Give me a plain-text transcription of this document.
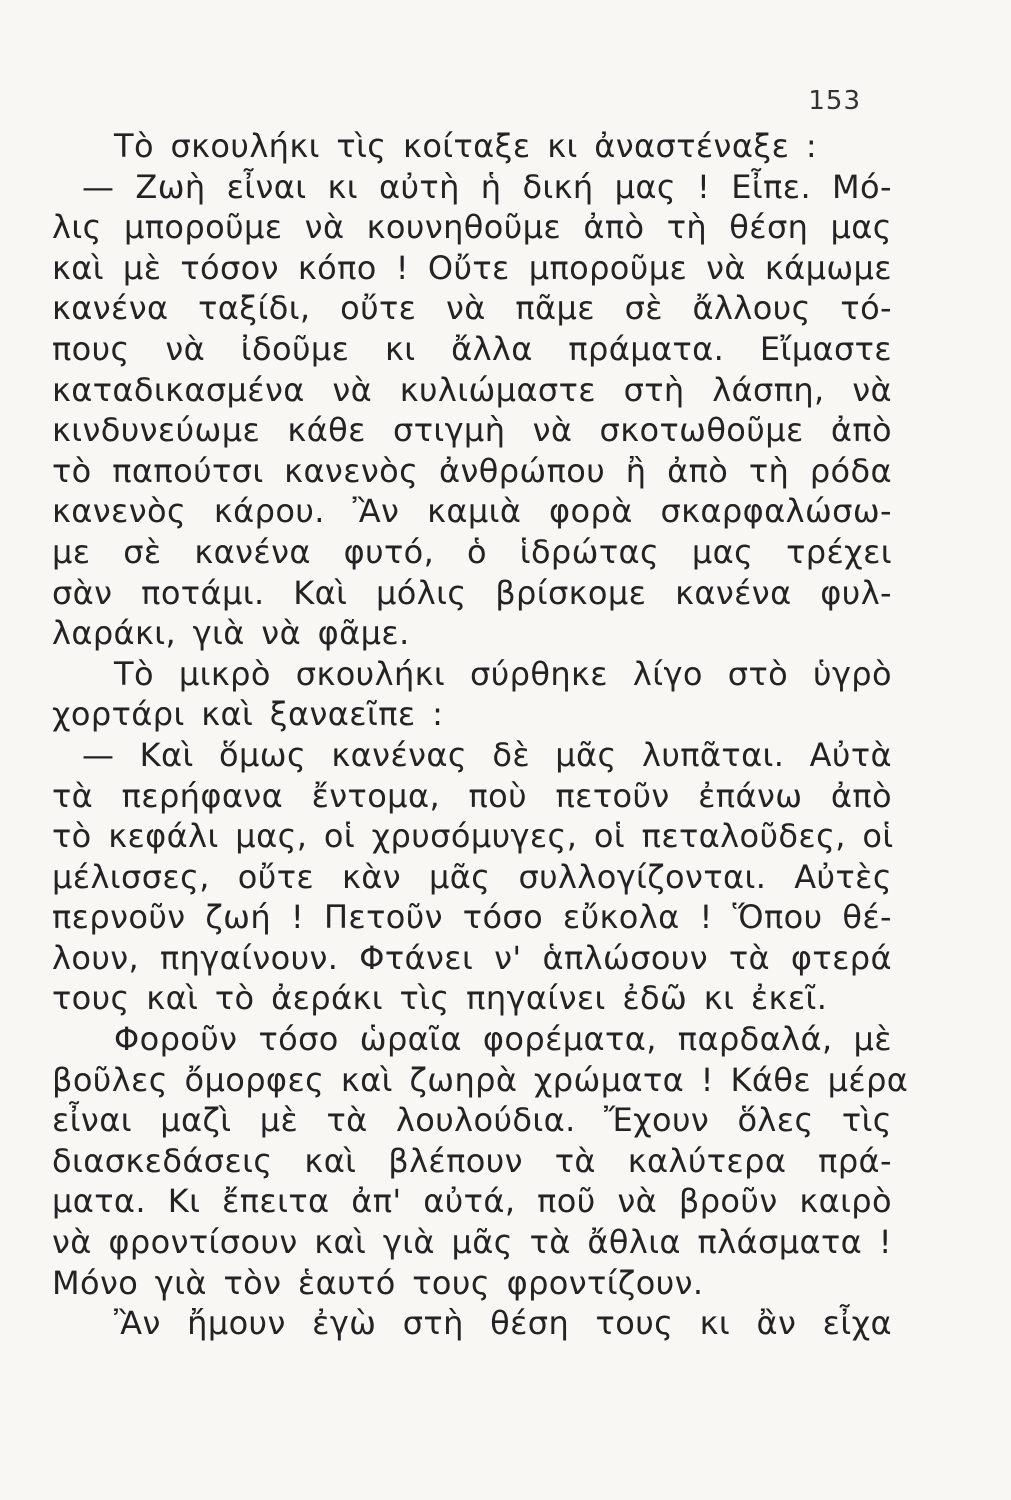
153
Τὸ σκουλήκι τὶς κοίταξε κι ἀναστέναξε :
— Ζωὴ εἶναι κι αὐτὴ ἡ δική μας ! Εἶπε. Μό-
λις μποροῦμε νὰ κουνηθοῦμε ἀπὸ τὴ θέση μας
καὶ μὲ τόσον κόπο ! Οὔτε μποροῦμε νὰ κάμωμε
κανένα ταξίδι, οὔτε νὰ πᾶμε σὲ ἄλλους τό-
πους νὰ ἰδοῦμε κι ἄλλα πράματα. Εἴμαστε
καταδικασμένα νὰ κυλιώμαστε στὴ λάσπη, νὰ
κινδυνεύωμε κάθε στιγμὴ νὰ σκοτωθοῦμε ἀπὸ
τὸ παπούτσι κανενὸς ἀνθρώπου ἢ ἀπὸ τὴ ρόδα
κανενὸς κάρου. Ἂν καμιὰ φορὰ σκαρφαλώσω-
με σὲ κανένα φυτό, ὁ ἱδρώτας μας τρέχει
σὰν ποτάμι. Καὶ μόλις βρίσκομε κανένα φυλ-
λαράκι, γιὰ νὰ φᾶμε.
Τὸ μικρὸ σκουλήκι σύρθηκε λίγο στὸ ὑγρὸ
χορτάρι καὶ ξαναεῖπε :
— Καὶ ὅμως κανένας δὲ μᾶς λυπᾶται. Αὐτὰ
τὰ περήφανα ἔντομα, ποὺ πετοῦν ἐπάνω ἀπὸ
τὸ κεφάλι μας, οἱ χρυσόμυγες, οἱ πεταλοῦδες, οἱ
μέλισσες, οὔτε κὰν μᾶς συλλογίζονται. Αὐτὲς
περνοῦν ζωή ! Πετοῦν τόσο εὔκολα ! Ὅπου θέ-
λουν, πηγαίνουν. Φτάνει ν' ἁπλώσουν τὰ φτερά
τους καὶ τὸ ἀεράκι τὶς πηγαίνει ἐδῶ κι ἐκεῖ.
Φοροῦν τόσο ὡραῖα φορέματα, παρδαλά, μὲ
βοῦλες ὄμορφες καὶ ζωηρὰ χρώματα ! Κάθε μέρα
εἶναι μαζὶ μὲ τὰ λουλούδια. Ἔχουν ὅλες τὶς
διασκεδάσεις καὶ βλέπουν τὰ καλύτερα πρά-
ματα. Κι ἔπειτα ἀπ' αὐτά, ποῦ νὰ βροῦν καιρὸ
νὰ φροντίσουν καὶ γιὰ μᾶς τὰ ἄθλια πλάσματα !
Μόνο γιὰ τὸν ἑαυτό τους φροντίζουν.
Ἂν ἤμουν ἐγὼ στὴ θέση τους κι ἂν εἶχα
